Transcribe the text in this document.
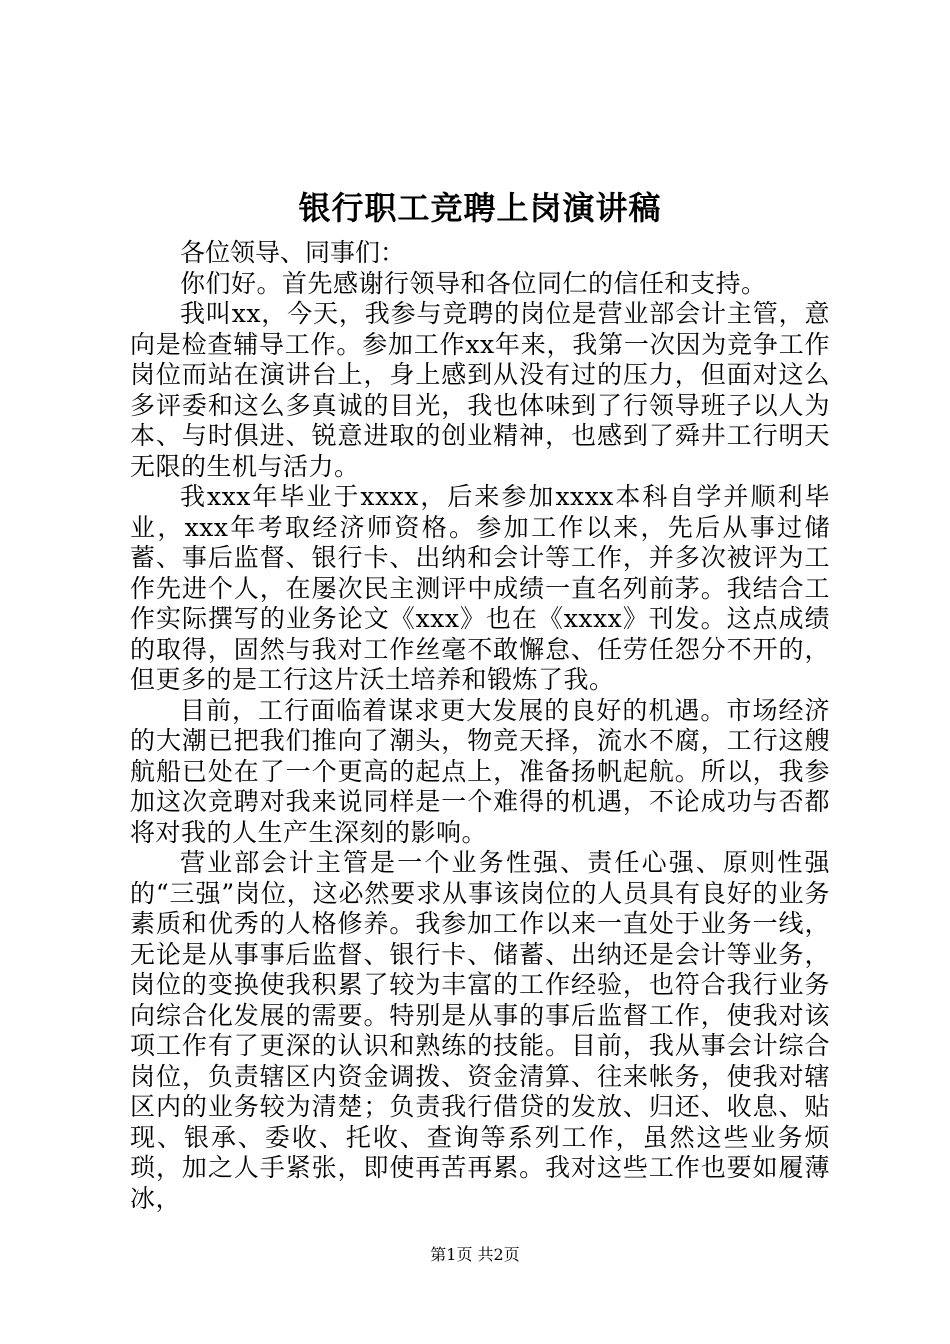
银行职工竞聘上岗演讲稿

各位领导、同事们：

你们好。首先感谢行领导和各位同仁的信任和支持。

我叫xx，今天，我参与竞聘的岗位是营业部会计主管，意向是检查辅导工作。参加工作xx年来，我第一次因为竞争工作岗位而站在演讲台上，身上感到从没有过的压力，但面对这么多评委和这么多真诚的目光，我也体味到了行领导班子以人为本、与时俱进、锐意进取的创业精神，也感到了舜井工行明天无限的生机与活力。

我xxx年毕业于xxxx，后来参加xxxx本科自学并顺利毕业，xxx年考取经济师资格。参加工作以来，先后从事过储蓄、事后监督、银行卡、出纳和会计等工作，并多次被评为工作先进个人，在屡次民主测评中成绩一直名列前茅。我结合工作实际撰写的业务论文《xxx》也在《xxxx》刊发。这点成绩的取得，固然与我对工作丝毫不敢懈怠、任劳任怨分不开的，但更多的是工行这片沃土培养和锻炼了我。

目前，工行面临着谋求更大发展的良好的机遇。市场经济的大潮已把我们推向了潮头，物竞天择，流水不腐，工行这艘航船已处在了一个更高的起点上，准备扬帆起航。所以，我参加这次竞聘对我来说同样是一个难得的机遇，不论成功与否都将对我的人生产生深刻的影响。

营业部会计主管是一个业务性强、责任心强、原则性强的“三强”岗位，这必然要求从事该岗位的人员具有良好的业务素质和优秀的人格修养。我参加工作以来一直处于业务一线，无论是从事事后监督、银行卡、储蓄、出纳还是会计等业务，岗位的变换使我积累了较为丰富的工作经验，也符合我行业务向综合化发展的需要。特别是从事的事后监督工作，使我对该项工作有了更深的认识和熟练的技能。目前，我从事会计综合岗位，负责辖区内资金调拨、资金清算、往来帐务，使我对辖区内的业务较为清楚；负责我行借贷的发放、归还、收息、贴现、银承、委收、托收、查询等系列工作，虽然这些业务烦琐，加之人手紧张，即使再苦再累。我对这些工作也要如履薄冰，

第1页 共2页
